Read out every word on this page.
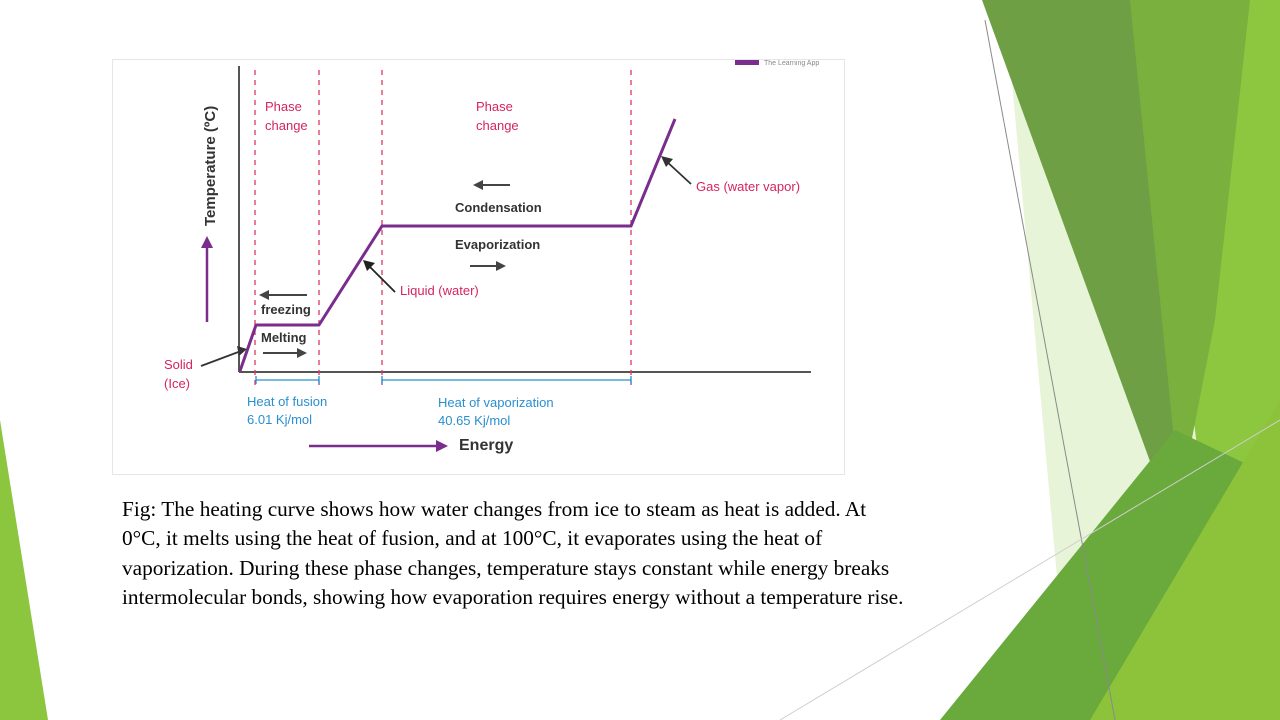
The Learning App
Phase change
Phase change
Temperature (ºC)
freezing
Melting
Condensation
Evaporization
Solid (Ice)
Liquid (water)
Gas (water vapor)
Heat of fusion 6.01 Kj/mol
Heat of vaporization 40.65 Kj/mol
Energy
Fig: The heating curve shows how water changes from ice to steam as heat is added. At
0°C, it melts using the heat of fusion, and at 100°C, it evaporates using the heat of
vaporization. During these phase changes, temperature stays constant while energy breaks
intermolecular bonds, showing how evaporation requires energy without a temperature rise.
